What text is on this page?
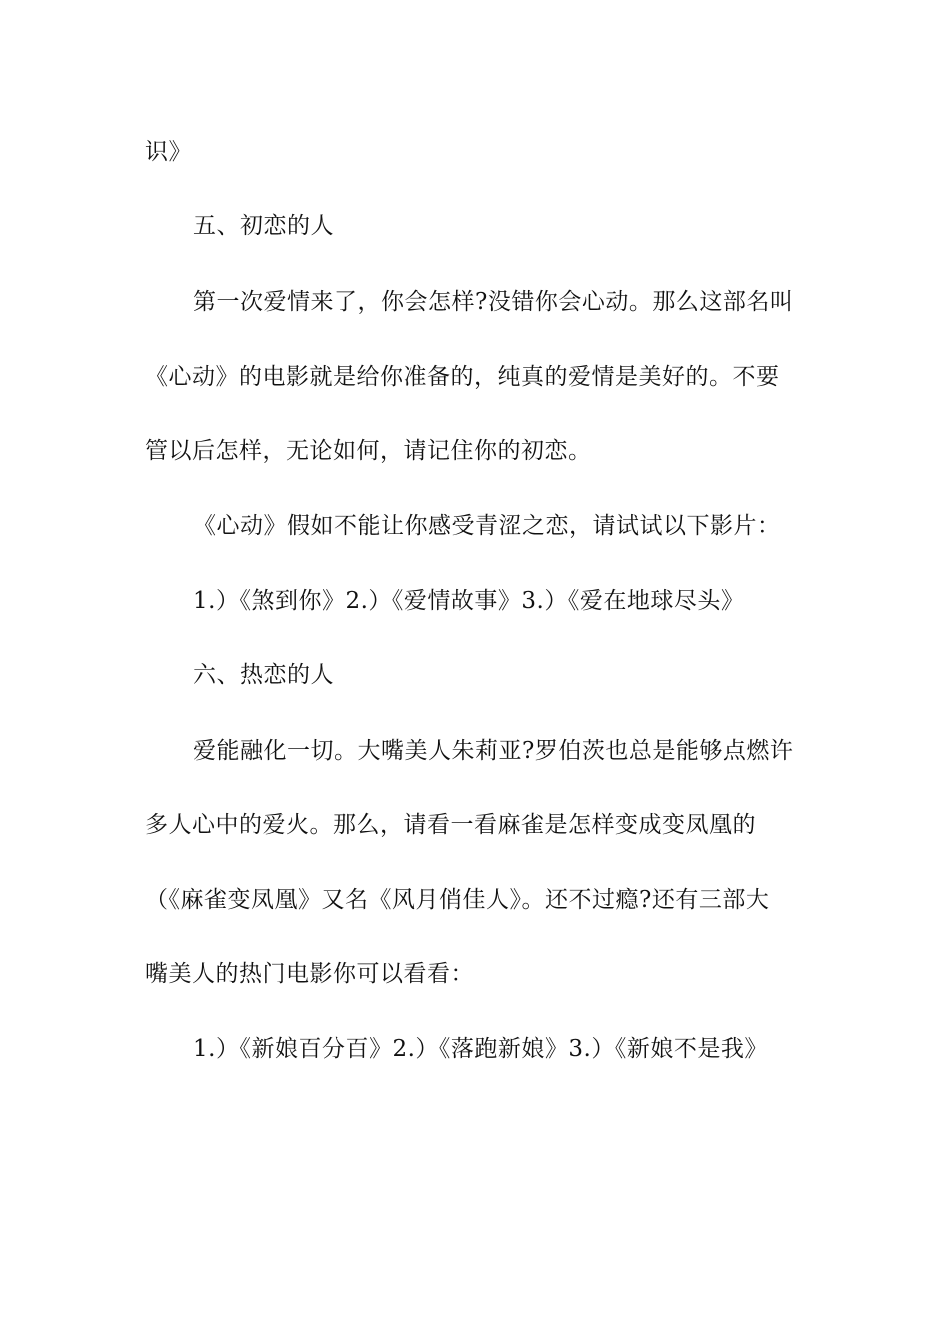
识》
五、初恋的人
第一次爱情来了，你会怎样?没错你会心动。那么这部名叫
《心动》的电影就是给你准备的，纯真的爱情是美好的。不要
管以后怎样，无论如何，请记住你的初恋。
《心动》假如不能让你感受青涩之恋，请试试以下影片：
1.）《煞到你》2.）《爱情故事》3.）《爱在地球尽头》
六、热恋的人
爱能融化一切。大嘴美人朱莉亚?罗伯茨也总是能够点燃许
多人心中的爱火。那么，请看一看麻雀是怎样变成变凤凰的
（《麻雀变凤凰》又名《风月俏佳人》。还不过瘾?还有三部大
嘴美人的热门电影你可以看看：
1.）《新娘百分百》2.）《落跑新娘》3.）《新娘不是我》
